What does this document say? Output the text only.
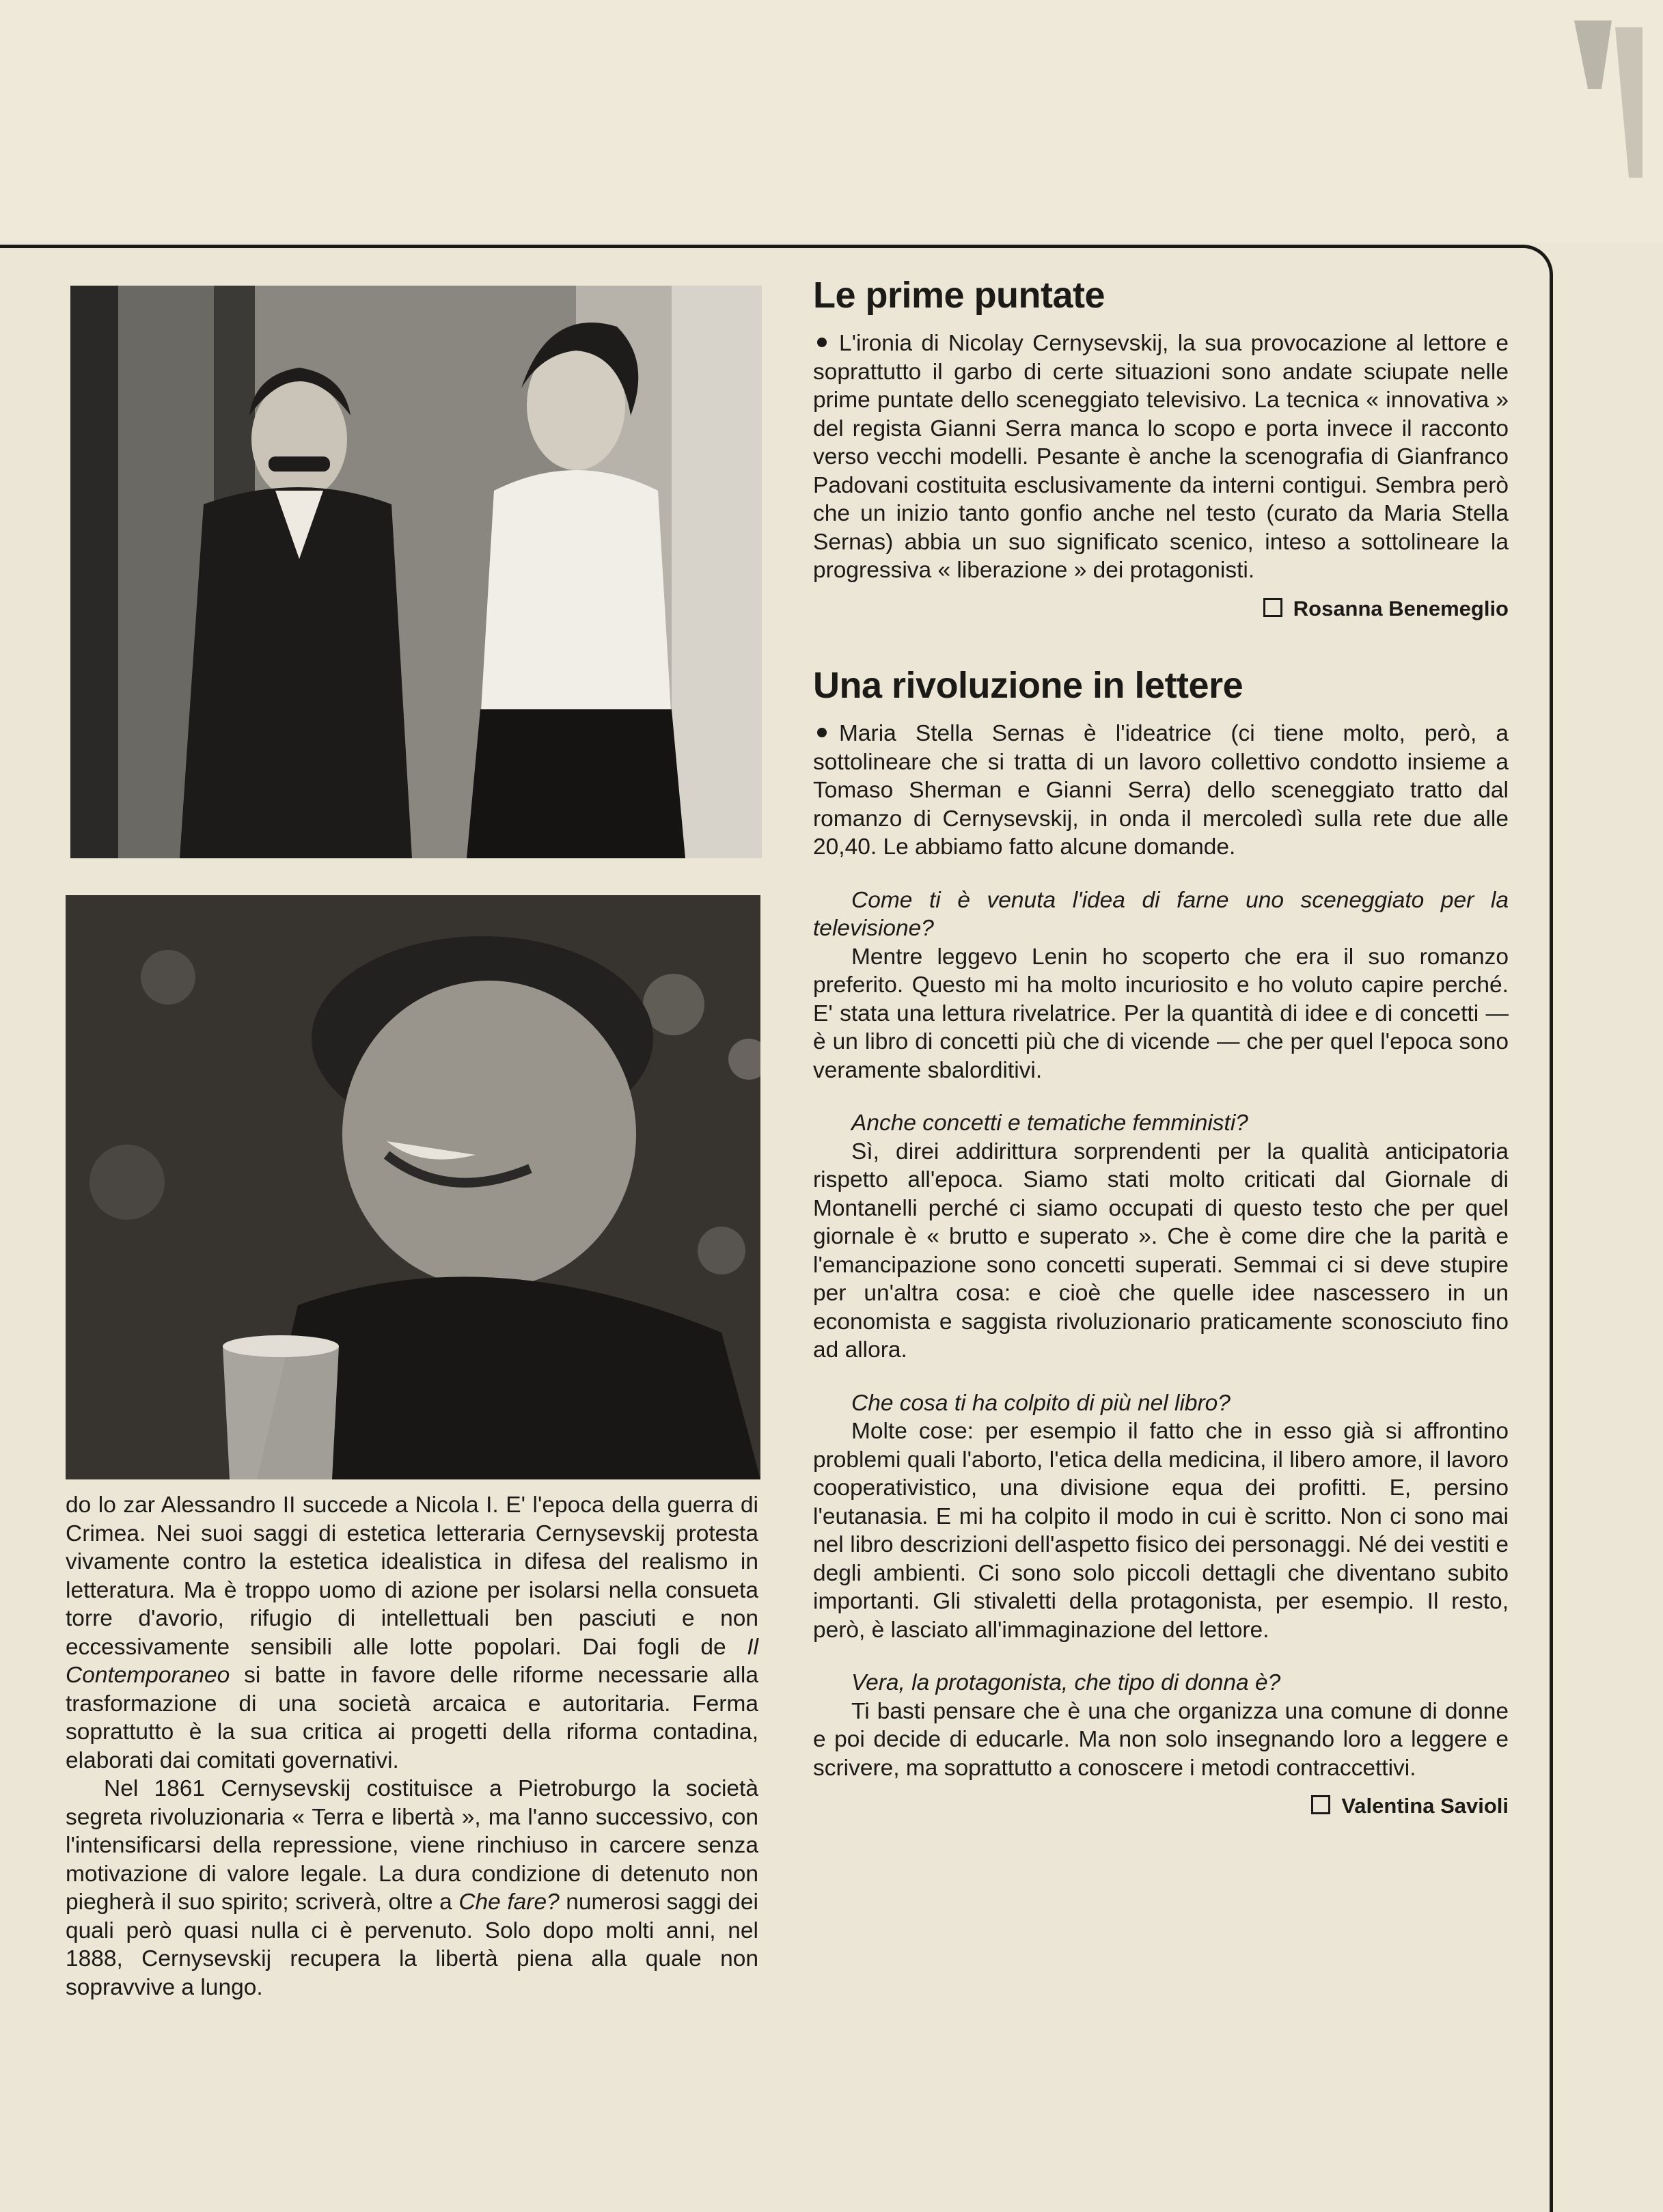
do lo zar Alessandro II succede a Nicola I. E' l'epoca della guerra di Crimea. Nei suoi saggi di estetica letteraria Cernysevskij protesta vivamente contro la estetica idealistica in difesa del realismo in letteratura. Ma è troppo uomo di azione per isolarsi nella consueta torre d'avorio, rifugio di intellettuali ben pasciuti e non eccessivamente sensibili alle lotte popolari. Dai fogli de Il Contemporaneo si batte in favore delle riforme necessarie alla trasformazione di una società arcaica e autoritaria. Ferma soprattutto è la sua critica ai progetti della riforma contadina, elaborati dai comitati governativi.

Nel 1861 Cernysevskij costituisce a Pietroburgo la società segreta rivoluzionaria « Terra e libertà », ma l'anno successivo, con l'intensificarsi della repressione, viene rinchiuso in carcere senza motivazione di valore legale. La dura condizione di detenuto non piegherà il suo spirito; scriverà, oltre a Che fare? numerosi saggi dei quali però quasi nulla ci è pervenuto. Solo dopo molti anni, nel 1888, Cernysevskij recupera la libertà piena alla quale non sopravvive a lungo.

Le prime puntate

L'ironia di Nicolay Cernysevskij, la sua provocazione al lettore e soprattutto il garbo di certe situazioni sono andate sciupate nelle prime puntate dello sceneggiato televisivo. La tecnica « innovativa » del regista Gianni Serra manca lo scopo e porta invece il racconto verso vecchi modelli. Pesante è anche la scenografia di Gianfranco Padovani costituita esclusivamente da interni contigui. Sembra però che un inizio tanto gonfio anche nel testo (curato da Maria Stella Sernas) abbia un suo significato scenico, inteso a sottolineare la progressiva « liberazione » dei protagonisti.

Rosanna Benemeglio
Una rivoluzione in lettere

Maria Stella Sernas è l'ideatrice (ci tiene molto, però, a sottolineare che si tratta di un lavoro collettivo condotto insieme a Tomaso Sherman e Gianni Serra) dello sceneggiato tratto dal romanzo di Cernysevskij, in onda il mercoledì sulla rete due alle 20,40. Le abbiamo fatto alcune domande.

Come ti è venuta l'idea di farne uno sceneggiato per la televisione?

Mentre leggevo Lenin ho scoperto che era il suo romanzo preferito. Questo mi ha molto incuriosito e ho voluto capire perché. E' stata una lettura rivelatrice. Per la quantità di idee e di concetti — è un libro di concetti più che di vicende — che per quel l'epoca sono veramente sbalorditivi.

Anche concetti e tematiche femministi?

Sì, direi addirittura sorprendenti per la qualità anticipatoria rispetto all'epoca. Siamo stati molto criticati dal Giornale di Montanelli perché ci siamo occupati di questo testo che per quel giornale è « brutto e superato ». Che è come dire che la parità e l'emancipazione sono concetti superati. Semmai ci si deve stupire per un'altra cosa: e cioè che quelle idee nascessero in un economista e saggista rivoluzionario praticamente sconosciuto fino ad allora.

Che cosa ti ha colpito di più nel libro?

Molte cose: per esempio il fatto che in esso già si affrontino problemi quali l'aborto, l'etica della medicina, il libero amore, il lavoro cooperativistico, una divisione equa dei profitti. E, persino l'eutanasia. E mi ha colpito il modo in cui è scritto. Non ci sono mai nel libro descrizioni dell'aspetto fisico dei personaggi. Né dei vestiti e degli ambienti. Ci sono solo piccoli dettagli che diventano subito importanti. Gli stivaletti della protagonista, per esempio. Il resto, però, è lasciato all'immaginazione del lettore.

Vera, la protagonista, che tipo di donna è?

Ti basti pensare che è una che organizza una comune di donne e poi decide di educarle. Ma non solo insegnando loro a leggere e scrivere, ma soprattutto a conoscere i metodi contraccettivi.

Valentina Savioli
